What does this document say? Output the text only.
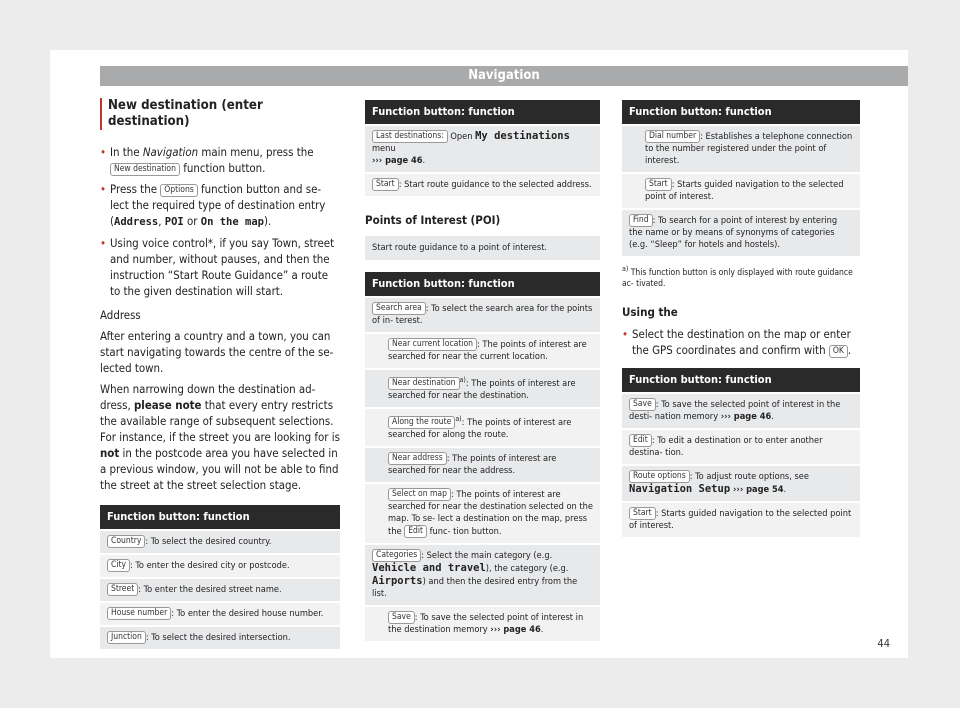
Navigation
New destination (enter destination)

• In the Navigation main menu, press the New destination function button.

• Press the Options function button and se- lect the required type of destination entry (Address, POI or On the map).

• Using voice control*, if you say Town, street and number, without pauses, and then the instruction “Start Route Guidance” a route to the given destination will start.

Address

After entering a country and a town, you can start navigating towards the centre of the se- lected town.

When narrowing down the destination ad- dress, please note that every entry restricts the available range of subsequent selections. For instance, if the street you are looking for is not in the postcode area you have selected in a previous window, you will not be able to find the street at the street selection stage.

Function button: function
Country : To select the desired country.
City : To enter the desired city or postcode.
Street : To enter the desired street name.
House number : To enter the desired house number.
Junction : To select the desired intersection.
Function button: function
Last destinations: Open My destinations menu
››› page 46.
Start : Start route guidance to the selected address.
Points of Interest (POI)
Start route guidance to a point of interest.
Function button: function
Search area : To select the search area for the points of in- terest.
Near current location : The points of interest are searched for near the current location.
Near destination $^{a)}$: The points of interest are searched for near the destination.
Along the route $^{a)}$: The points of interest are searched for along the route.
Near address : The points of interest are searched for near the address.
Select on map : The points of interest are searched for near the destination selected on the map. To se- lect a destination on the map, press the Edit func- tion button.
Categories : Select the main category (e.g. Vehicle and travel), the category (e.g. Airports) and then the desired entry from the list.
Save : To save the selected point of interest in the destination memory ››› page 46.
Function button: function
Dial number : Establishes a telephone connection to the number registered under the point of interest.
Start : Starts guided navigation to the selected point of interest.
Find : To search for a point of interest by entering the name or by means of synonyms of categories (e.g. “Sleep” for hotels and hostels).
$^{a)}$ This function button is only displayed with route guidance ac- tivated.
Using the

• Select the destination on the map or enter the GPS coordinates and confirm with OK .

Function button: function
Save : To save the selected point of interest in the desti- nation memory ››› page 46.
Edit : To edit a destination or to enter another destina- tion.
Route options : To adjust route options, see Navigation Setup ››› page 54.
Start : Starts guided navigation to the selected point of interest.
44
